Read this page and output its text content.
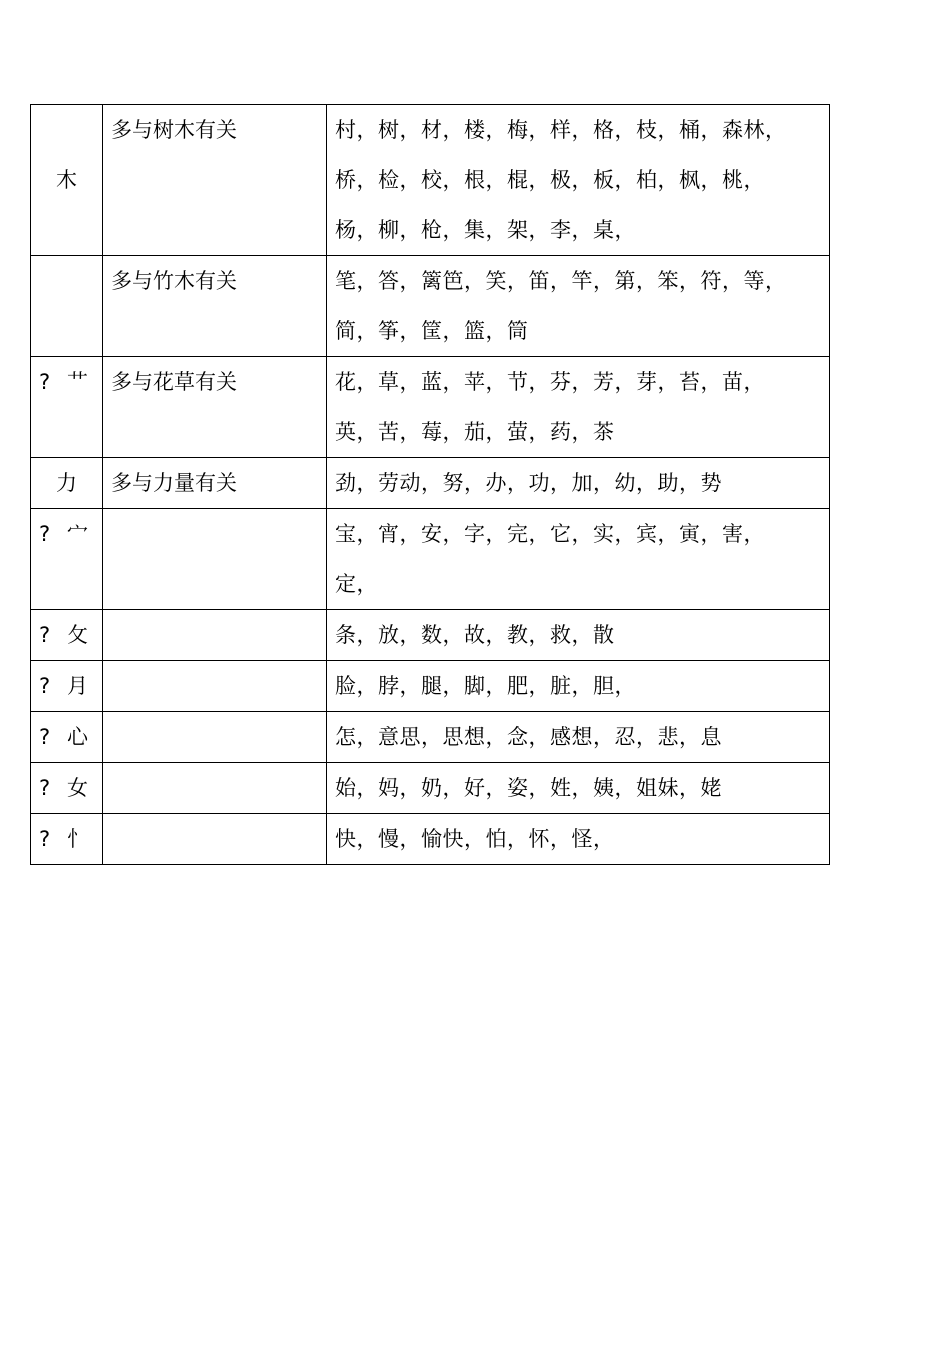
木	多与树木有关	村，树，材，楼，梅，样，格，枝，桶，森林，桥，检，校，根，棍，极，板，柏，枫，桃，杨，柳，枪，集，架，李，桌，
	多与竹木有关	笔，答，篱笆，笑，笛，竿，第，笨，符，等，简，筝，筐，篮，筒
? 艹	多与花草有关	花，草，蓝，苹，节，芬，芳，芽，苔，苗，英，苦，莓，茄，萤，药，茶
力	多与力量有关	劲，劳动，努，办，功，加，幼，助，势
? 宀		宝，宵，安，字，完，它，实，宾，寅，害，定，
? 攵		条，放，数，故，教，救，散
? 月		脸，脖，腿，脚，肥，脏，胆，
? 心		怎，意思，思想，念，感想，忍，悲，息
? 女		始，妈，奶，好，姿，姓，姨，姐妹，姥
? 忄		快，慢，愉快，怕，怀，怪，
